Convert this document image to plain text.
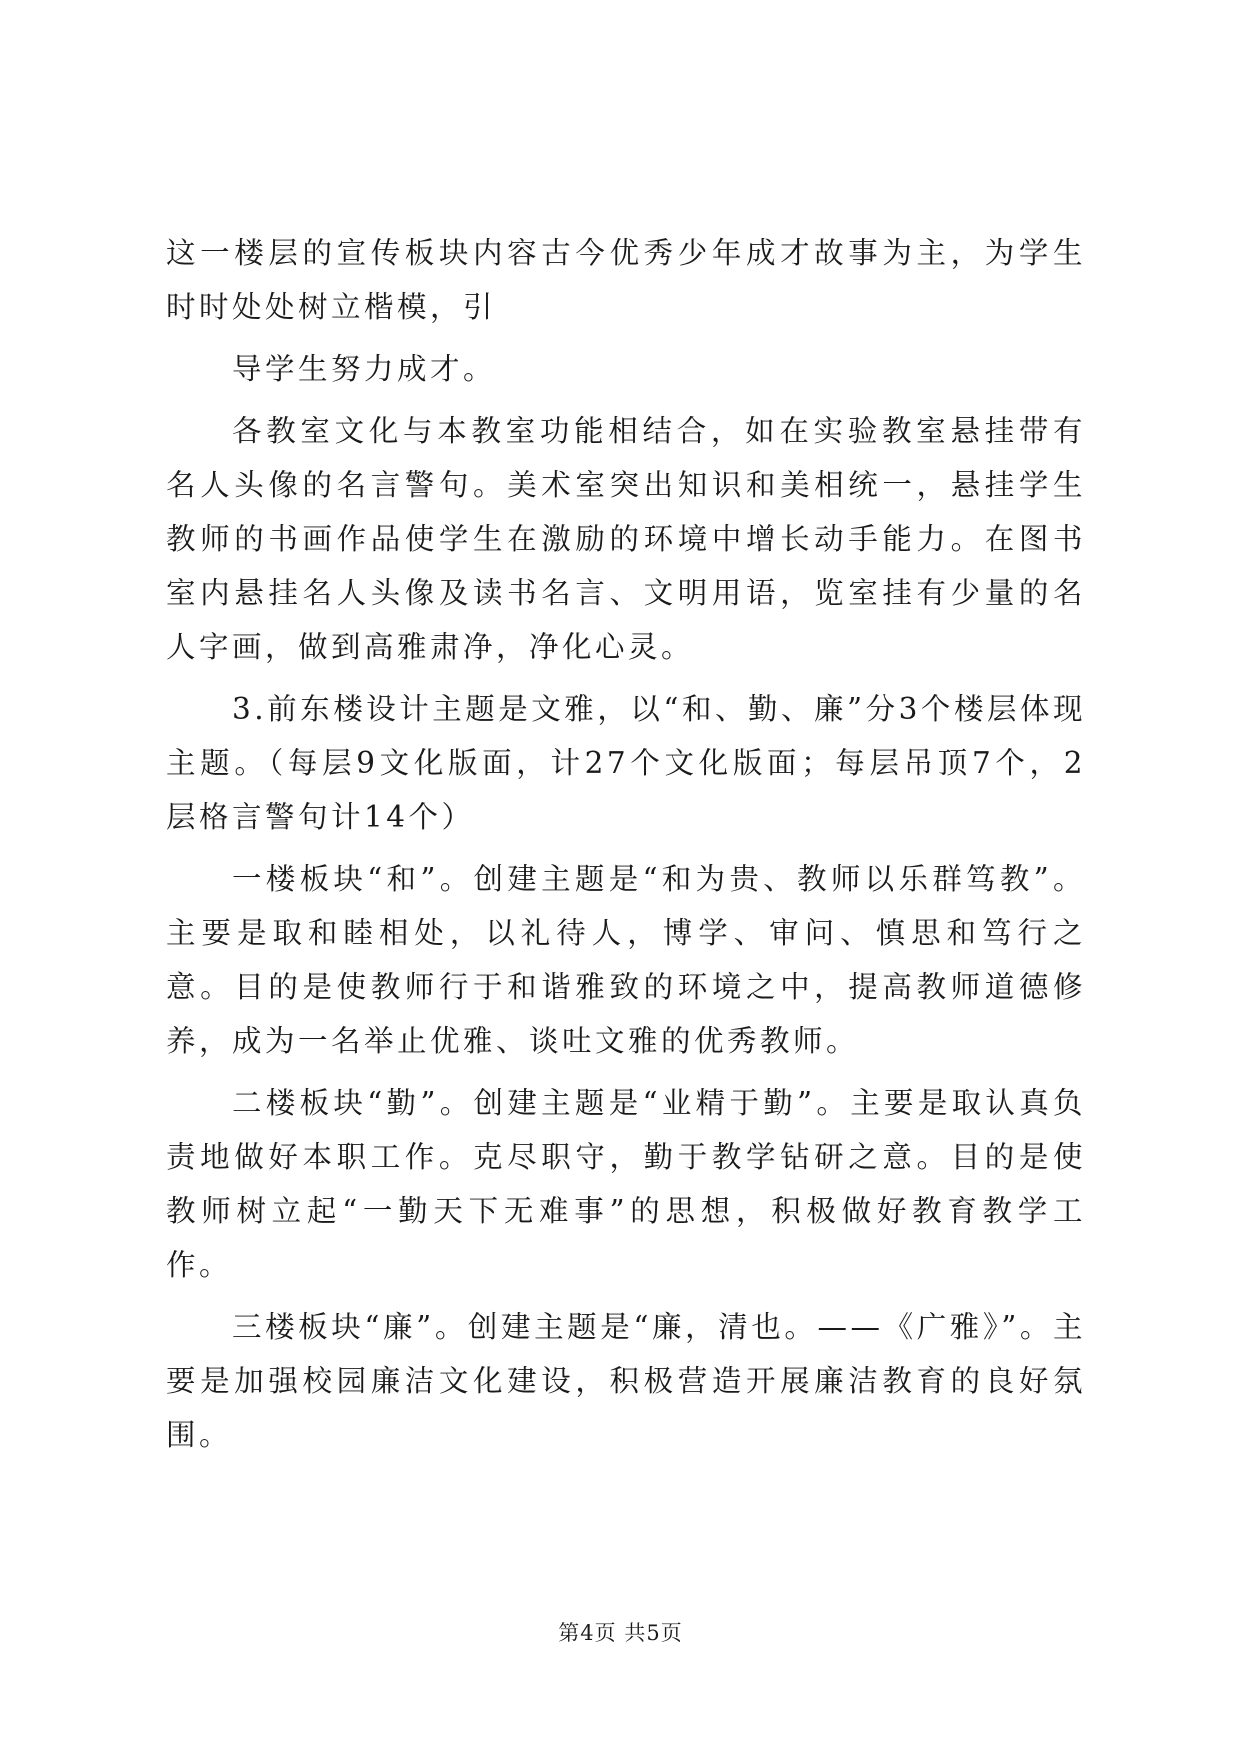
这一楼层的宣传板块内容古今优秀少年成才故事为主，为学生时时处处树立楷模，引

导学生努力成才。

各教室文化与本教室功能相结合，如在实验教室悬挂带有名人头像的名言警句。美术室突出知识和美相统一，悬挂学生教师的书画作品使学生在激励的环境中增长动手能力。在图书室内悬挂名人头像及读书名言、文明用语，览室挂有少量的名人字画，做到高雅肃净，净化心灵。

3.前东楼设计主题是文雅，以“和、勤、廉”分3个楼层体现主题。（每层9文化版面，计27个文化版面；每层吊顶7个，2层格言警句计14个）

一楼板块“和”。创建主题是“和为贵、教师以乐群笃教”。主要是取和睦相处，以礼待人，博学、审问、慎思和笃行之意。目的是使教师行于和谐雅致的环境之中，提高教师道德修养，成为一名举止优雅、谈吐文雅的优秀教师。

二楼板块“勤”。创建主题是“业精于勤”。主要是取认真负责地做好本职工作。克尽职守，勤于教学钻研之意。目的是使教师树立起“一勤天下无难事”的思想，积极做好教育教学工作。

三楼板块“廉”。创建主题是“廉，清也。——《广雅》”。主要是加强校园廉洁文化建设，积极营造开展廉洁教育的良好氛围。

第4页 共5页
